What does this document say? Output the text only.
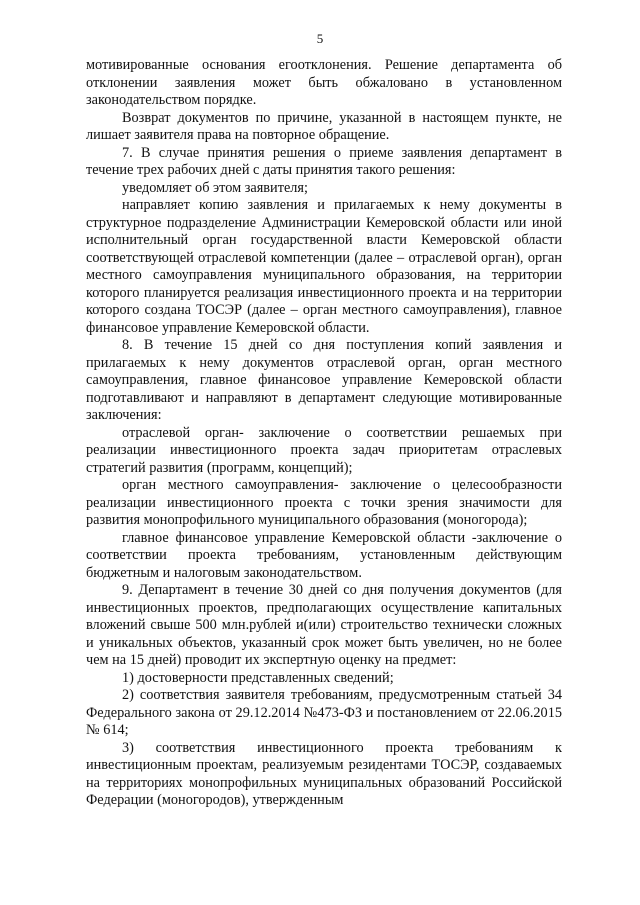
5

мотивированные основания егоотклонения. Решение департамента об отклонении заявления может быть обжаловано в установленном законодательством порядке.

Возврат документов по причине, указанной в настоящем пункте, не лишает заявителя права на повторное обращение.

7. В случае принятия решения о приеме заявления департамент в течение трех рабочих дней с даты принятия такого решения:

уведомляет об этом заявителя;

направляет копию заявления и прилагаемых к нему документы в структурное подразделение Администрации Кемеровской области или иной исполнительный орган государственной власти Кемеровской области соответствующей отраслевой компетенции (далее – отраслевой орган), орган местного самоуправления муниципального образования, на территории которого планируется реализация инвестиционного проекта и на территории которого создана ТОСЭР (далее – орган местного самоуправления), главное финансовое управление Кемеровской области.

8. В течение 15 дней со дня поступления копий заявления и прилагаемых к нему документов отраслевой орган, орган местного самоуправления, главное финансовое управление Кемеровской области подготавливают и направляют в департамент следующие мотивированные заключения:

отраслевой орган- заключение о соответствии решаемых при реализации инвестиционного проекта задач приоритетам отраслевых стратегий развития (программ, концепций);

орган местного самоуправления- заключение о целесообразности реализации инвестиционного проекта с точки зрения значимости для развития монопрофильного муниципального образования (моногорода);

главное финансовое управление Кемеровской области -заключение о соответствии проекта требованиям, установленным действующим бюджетным и налоговым законодательством.

9. Департамент в течение 30 дней со дня получения документов (для инвестиционных проектов, предполагающих осуществление капитальных вложений свыше 500 млн.рублей и(или) строительство технически сложных и уникальных объектов, указанный срок может быть увеличен, но не более чем на 15 дней) проводит их экспертную оценку на предмет:

1) достоверности представленных сведений;

2) соответствия заявителя требованиям, предусмотренным статьей 34 Федерального закона от 29.12.2014 №473-ФЗ и постановлением от 22.06.2015 № 614;

3) соответствия инвестиционного проекта требованиям к инвестиционным проектам, реализуемым резидентами ТОСЭР, создаваемых на территориях монопрофильных муниципальных образований Российской Федерации (моногородов), утвержденным
